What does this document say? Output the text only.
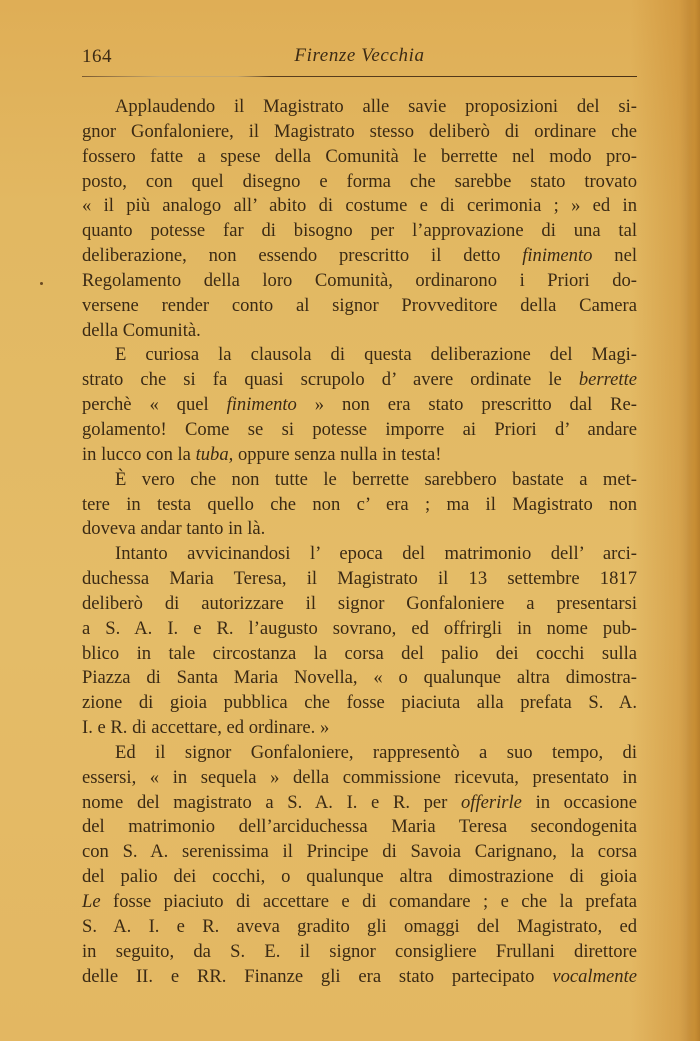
164	Firenze Vecchia
Applaudendo il Magistrato alle savie proposizioni del si-
gnor Gonfaloniere, il Magistrato stesso deliberò di ordinare che
fossero fatte a spese della Comunità le berrette nel modo pro-
posto, con quel disegno e forma che sarebbe stato trovato
« il più analogo all’ abito di costume e di cerimonia ; » ed in
quanto potesse far di bisogno per l’approvazione di una tal
deliberazione, non essendo prescritto il detto finimento nel
Regolamento della loro Comunità, ordinarono i Priori do-
versene render conto al signor Provveditore della Camera
della Comunità.
E curiosa la clausola di questa deliberazione del Magi-
strato che si fa quasi scrupolo d’ avere ordinate le berrette
perchè « quel finimento » non era stato prescritto dal Re-
golamento! Come se si potesse imporre ai Priori d’ andare
in lucco con la tuba, oppure senza nulla in testa!
È vero che non tutte le berrette sarebbero bastate a met-
tere in testa quello che non c’ era ; ma il Magistrato non
doveva andar tanto in là.
Intanto avvicinandosi l’ epoca del matrimonio dell’ arci-
duchessa Maria Teresa, il Magistrato il 13 settembre 1817
deliberò di autorizzare il signor Gonfaloniere a presentarsi
a S. A. I. e R. l’augusto sovrano, ed offrirgli in nome pub-
blico in tale circostanza la corsa del palio dei cocchi sulla
Piazza di Santa Maria Novella, « o qualunque altra dimostra-
zione di gioia pubblica che fosse piaciuta alla prefata S. A.
I. e R. di accettare, ed ordinare. »
Ed il signor Gonfaloniere, rappresentò a suo tempo, di
essersi, « in sequela » della commissione ricevuta, presentato in
nome del magistrato a S. A. I. e R. per offerirle in occasione
del matrimonio dell’arciduchessa Maria Teresa secondogenita
con S. A. serenissima il Principe di Savoia Carignano, la corsa
del palio dei cocchi, o qualunque altra dimostrazione di gioia
Le fosse piaciuto di accettare e di comandare ; e che la prefata
S. A. I. e R. aveva gradito gli omaggi del Magistrato, ed
in seguito, da S. E. il signor consigliere Frullani direttore
delle II. e RR. Finanze gli era stato partecipato vocalmente
